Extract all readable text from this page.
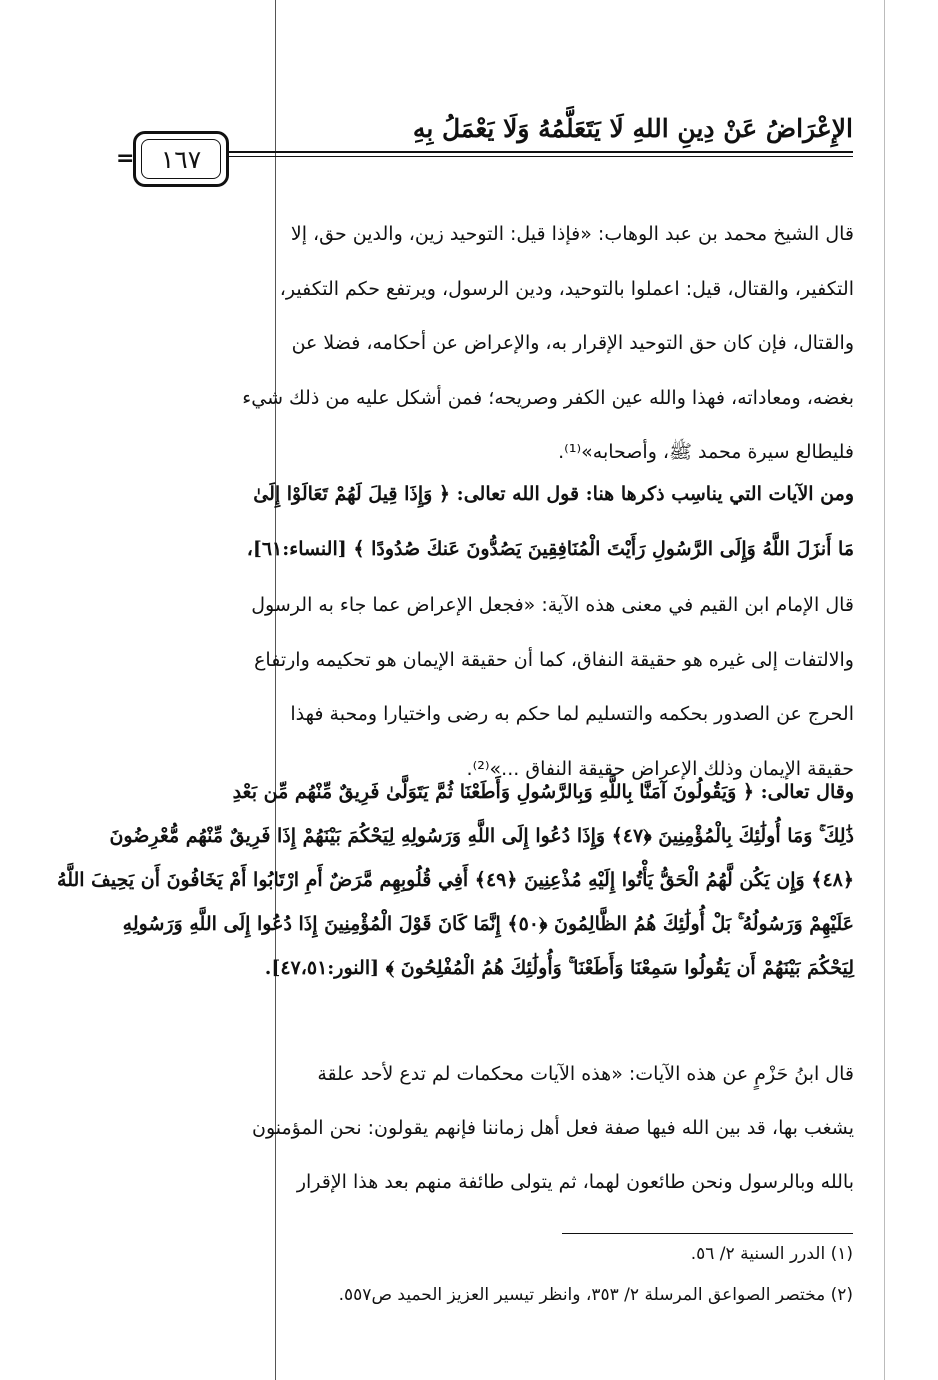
الإِعْرَاضُ عَنْ دِينِ اللهِ لَا يَتَعَلَّمُهُ وَلَا يَعْمَلُ بِهِ
=	١٦٧
قال الشيخ محمد بن عبد الوهاب: «فإذا قيل: التوحيد زين، والدين حق، إلا
التكفير، والقتال، قيل: اعملوا بالتوحيد، ودين الرسول، ويرتفع حكم التكفير،
والقتال، فإن كان حق التوحيد الإقرار به، والإعراض عن أحكامه، فضلا عن
بغضه، ومعاداته، فهذا والله عين الكفر وصريحه؛ فمن أشكل عليه من ذلك شيء
فليطالع سيرة محمد ﷺ، وأصحابه»⁽¹⁾.
ومن الآيات التي يناسِب ذكرها هنا: قول الله تعالى: ﴿ وَإِذَا قِيلَ لَهُمْ تَعَالَوْا إِلَىٰ
مَا أَنزَلَ اللَّهُ وَإِلَى الرَّسُولِ رَأَيْتَ الْمُنَافِقِينَ يَصُدُّونَ عَنكَ صُدُودًا ﴾ [النساء:٦١]،
قال الإمام ابن القيم في معنى هذه الآية: «فجعل الإعراض عما جاء به الرسول
والالتفات إلى غيره هو حقيقة النفاق، كما أن حقيقة الإيمان هو تحكيمه وارتفاع
الحرج عن الصدور بحكمه والتسليم لما حكم به رضى واختيارا ومحبة فهذا
حقيقة الإيمان وذلك الإعراض حقيقة النفاق ...»⁽²⁾.
وقال تعالى: ﴿ وَيَقُولُونَ آمَنَّا بِاللَّهِ وَبِالرَّسُولِ وَأَطَعْنَا ثُمَّ يَتَوَلَّىٰ فَرِيقٌ مِّنْهُم مِّن بَعْدِ
ذَٰلِكَ ۚ وَمَا أُولَٰئِكَ بِالْمُؤْمِنِينَ ﴿٤٧﴾ وَإِذَا دُعُوا إِلَى اللَّهِ وَرَسُولِهِ لِيَحْكُمَ بَيْنَهُمْ إِذَا فَرِيقٌ مِّنْهُم مُّعْرِضُونَ
﴿٤٨﴾ وَإِن يَكُن لَّهُمُ الْحَقُّ يَأْتُوا إِلَيْهِ مُذْعِنِينَ ﴿٤٩﴾ أَفِي قُلُوبِهِم مَّرَضٌ أَمِ ارْتَابُوا أَمْ يَخَافُونَ أَن يَحِيفَ اللَّهُ
عَلَيْهِمْ وَرَسُولُهُ ۚ بَلْ أُولَٰئِكَ هُمُ الظَّالِمُونَ ﴿٥٠﴾ إِنَّمَا كَانَ قَوْلَ الْمُؤْمِنِينَ إِذَا دُعُوا إِلَى اللَّهِ وَرَسُولِهِ
لِيَحْكُمَ بَيْنَهُمْ أَن يَقُولُوا سَمِعْنَا وَأَطَعْنَا ۚ وَأُولَٰئِكَ هُمُ الْمُفْلِحُونَ ﴾ [النور:٤٧،٥١].
قال ابنُ حَزْمٍ عن هذه الآيات: «هذه الآيات محكمات لم تدع لأحد علقة
يشغب بها، قد بين الله فيها صفة فعل أهل زماننا فإنهم يقولون: نحن المؤمنون
بالله وبالرسول ونحن طائعون لهما، ثم يتولى طائفة منهم بعد هذا الإقرار
(١) الدرر السنية ٢/ ٥٦.
(٢) مختصر الصواعق المرسلة ٢/ ٣٥٣، وانظر تيسير العزيز الحميد ص٥٥٧.
